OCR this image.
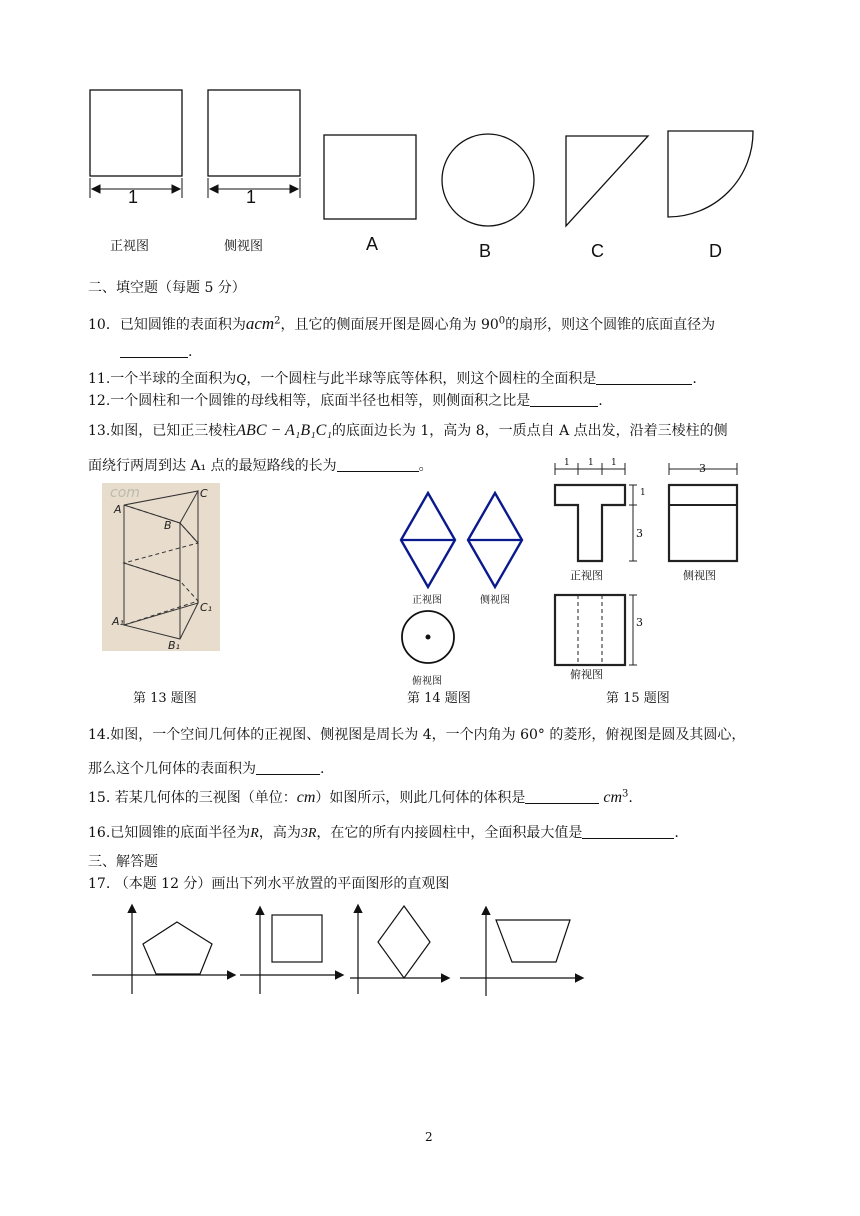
1	1
正视图	侧视图	A	B	C	D
二、填空题（每题 5 分）
10．已知圆锥的表面积为acm$^2$，且它的侧面展开图是圆心角为 $90^0$的扇形，则这个圆锥的底面直径为
.
11.一个半球的全面积为Q，一个圆柱与此半球等底等体积，则这个圆柱的全面积是	.
12.一个圆柱和一个圆锥的母线相等，底面半径也相等，则侧面积之比是	.
13.如图，已知正三棱柱ABC − A₁B₁C₁的底面边长为 1，高为 8，一质点自 A 点出发，沿着三棱柱的侧
面绕行两周到达 A₁ 点的最短路线的长为	。
com
A
B
C
A₁
B₁
C₁
第 13 题图
正视图	侧视图
俯视图
第 14 题图
1 1 1
1
3
3
3
正视图	侧视图
俯视图
第 15 题图
14.如图，一个空间几何体的正视图、侧视图是周长为 4，一个内角为 60° 的菱形，俯视图是圆及其圆心，
那么这个几何体的表面积为	.
15. 若某几何体的三视图（单位：cm）如图所示，则此几何体的体积是	$cm^3$.
16.已知圆锥的底面半径为R，高为3R，在它的所有内接圆柱中，全面积最大值是	.
三、解答题
17. （本题 12 分）画出下列水平放置的平面图形的直观图
2
